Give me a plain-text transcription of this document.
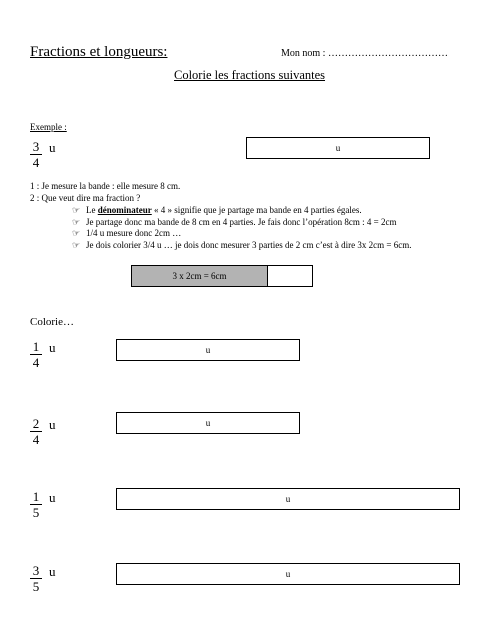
Fractions et longueurs:	Mon nom : ………………………………
Colorie les fractions suivantes
Exemple :
$\frac{3}{4}$ u	u
1 : Je mesure la bande : elle mesure 8 cm.
2 : Que veut dire ma fraction ?
☞ Le dénominateur « 4 » signifie que je partage ma bande en 4 parties égales.
☞ Je partage donc ma bande de 8 cm en 4 parties. Je fais donc l’opération 8cm : 4 = 2cm
☞ 1/4 u mesure donc 2cm …
☞ Je dois colorier 3/4 u … je dois donc mesurer 3 parties de 2 cm c’est à dire 3x 2cm = 6cm.
3 x 2cm = 6cm
Colorie…
$\frac{1}{4}$ u	u
$\frac{2}{4}$ u	u
$\frac{1}{5}$ u	u
$\frac{3}{5}$ u	u
